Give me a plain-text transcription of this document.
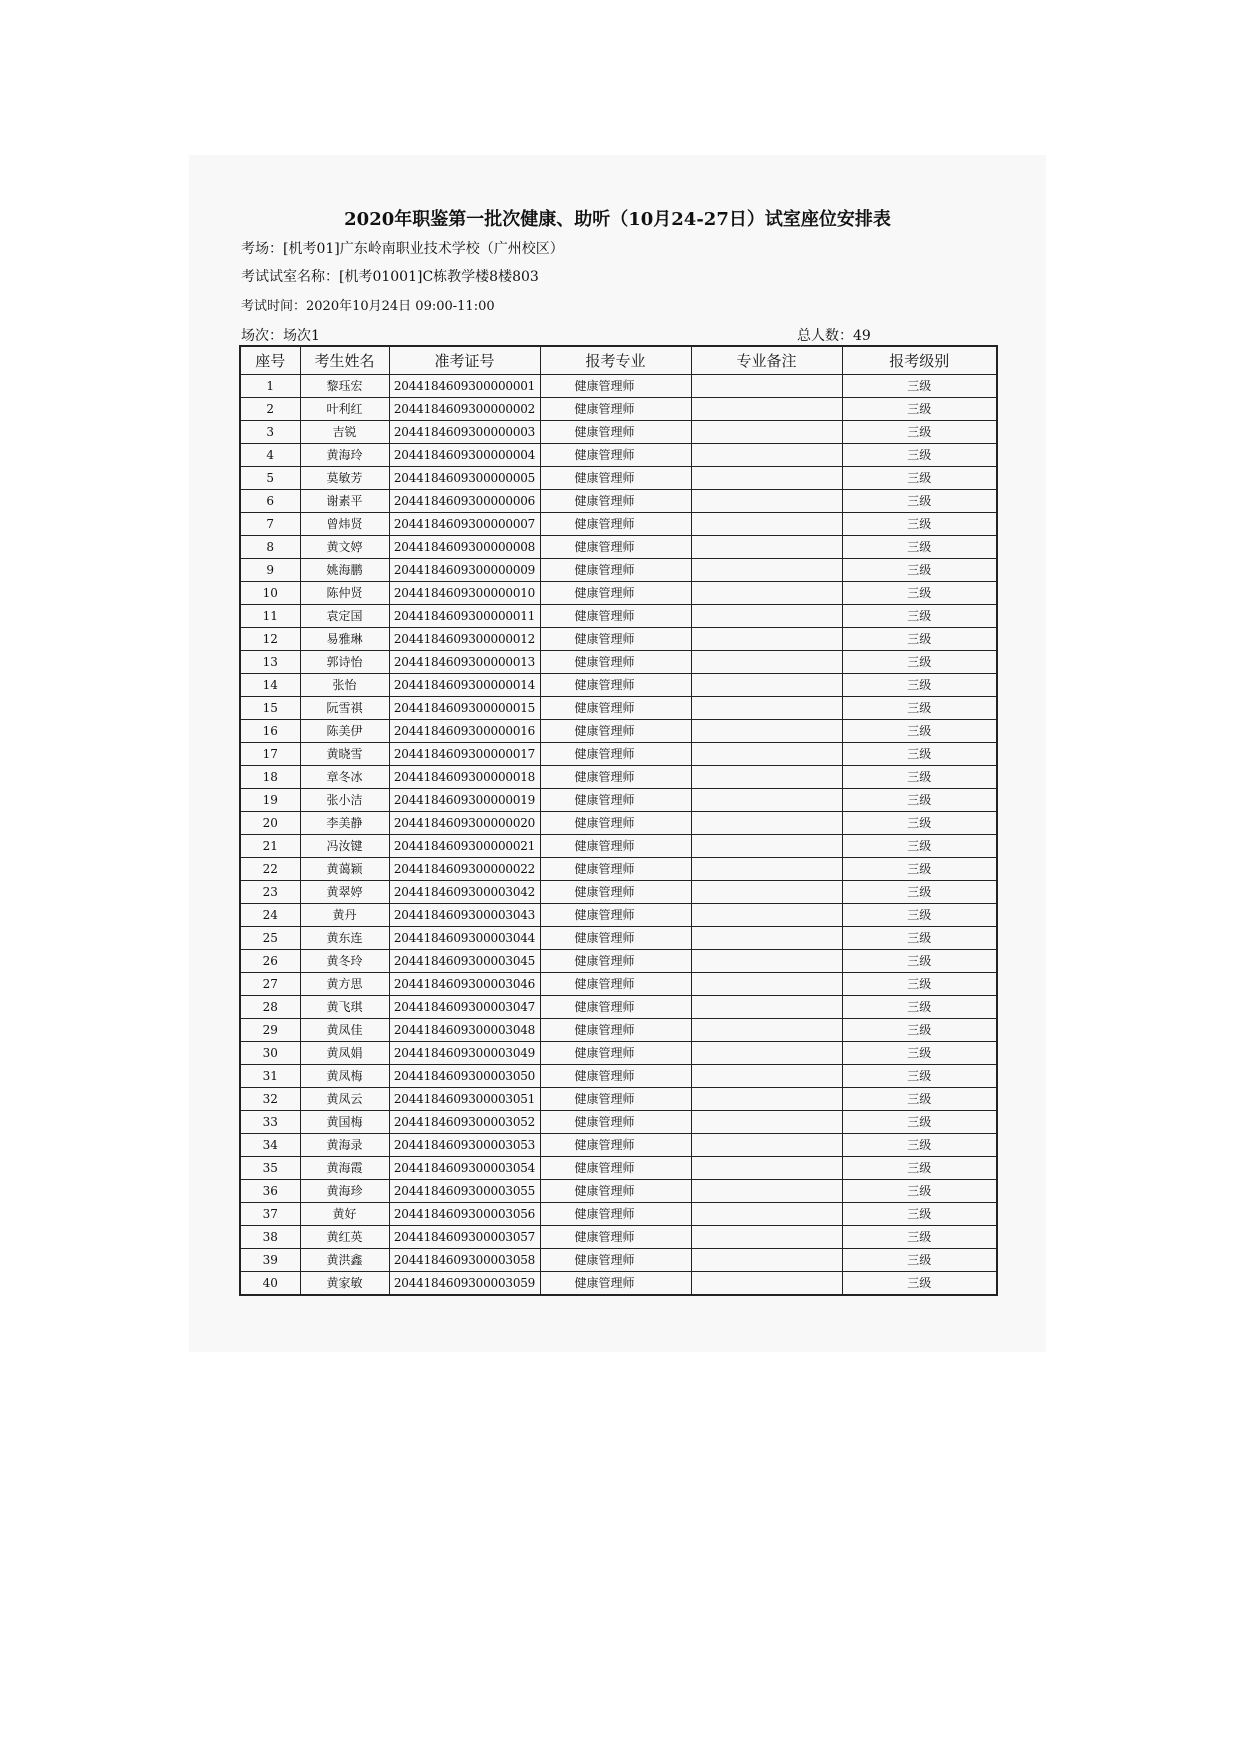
2020年职鉴第一批次健康、助听（10月24-27日）试室座位安排表
考场：[机考01]广东岭南职业技术学校（广州校区）
考试试室名称：[机考01001]C栋教学楼8楼803
考试时间：2020年10月24日 09:00-11:00
场次：场次1	总人数：49
座号	考生姓名	准考证号	报考专业	专业备注	报考级别
1	黎珏宏	2044184609300000001	健康管理师		三级
2	叶利红	2044184609300000002	健康管理师		三级
3	吉锐	2044184609300000003	健康管理师		三级
4	黄海玲	2044184609300000004	健康管理师		三级
5	莫敏芳	2044184609300000005	健康管理师		三级
6	谢素平	2044184609300000006	健康管理师		三级
7	曾炜贤	2044184609300000007	健康管理师		三级
8	黄文婷	2044184609300000008	健康管理师		三级
9	姚海鹏	2044184609300000009	健康管理师		三级
10	陈仲贤	2044184609300000010	健康管理师		三级
11	袁定国	2044184609300000011	健康管理师		三级
12	易雅琳	2044184609300000012	健康管理师		三级
13	郭诗怡	2044184609300000013	健康管理师		三级
14	张怡	2044184609300000014	健康管理师		三级
15	阮雪祺	2044184609300000015	健康管理师		三级
16	陈美伊	2044184609300000016	健康管理师		三级
17	黄晓雪	2044184609300000017	健康管理师		三级
18	章冬冰	2044184609300000018	健康管理师		三级
19	张小洁	2044184609300000019	健康管理师		三级
20	李美静	2044184609300000020	健康管理师		三级
21	冯汝键	2044184609300000021	健康管理师		三级
22	黄蔼颖	2044184609300000022	健康管理师		三级
23	黄翠婷	2044184609300003042	健康管理师		三级
24	黄丹	2044184609300003043	健康管理师		三级
25	黄东连	2044184609300003044	健康管理师		三级
26	黄冬玲	2044184609300003045	健康管理师		三级
27	黄方思	2044184609300003046	健康管理师		三级
28	黄飞琪	2044184609300003047	健康管理师		三级
29	黄凤佳	2044184609300003048	健康管理师		三级
30	黄凤娟	2044184609300003049	健康管理师		三级
31	黄凤梅	2044184609300003050	健康管理师		三级
32	黄凤云	2044184609300003051	健康管理师		三级
33	黄国梅	2044184609300003052	健康管理师		三级
34	黄海录	2044184609300003053	健康管理师		三级
35	黄海霞	2044184609300003054	健康管理师		三级
36	黄海珍	2044184609300003055	健康管理师		三级
37	黄好	2044184609300003056	健康管理师		三级
38	黄红英	2044184609300003057	健康管理师		三级
39	黄洪鑫	2044184609300003058	健康管理师		三级
40	黄家敏	2044184609300003059	健康管理师		三级
